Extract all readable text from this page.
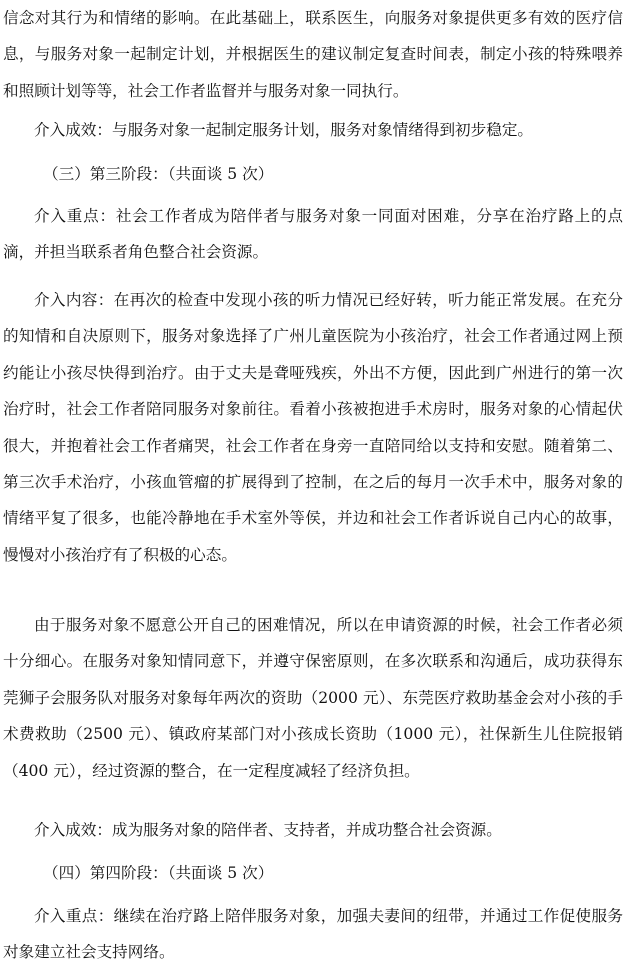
信念对其行为和情绪的影响。在此基础上，联系医生，向服务对象提供更多有效的医疗信息，与服务对象一起制定计划，并根据医生的建议制定复查时间表，制定小孩的特殊喂养和照顾计划等等，社会工作者监督并与服务对象一同执行。

介入成效：与服务对象一起制定服务计划，服务对象情绪得到初步稳定。

（三）第三阶段：（共面谈 5 次）

介入重点：社会工作者成为陪伴者与服务对象一同面对困难，分享在治疗路上的点滴，并担当联系者角色整合社会资源。

介入内容：在再次的检查中发现小孩的听力情况已经好转，听力能正常发展。在充分的知情和自决原则下，服务对象选择了广州儿童医院为小孩治疗，社会工作者通过网上预约能让小孩尽快得到治疗。由于丈夫是聋哑残疾，外出不方便，因此到广州进行的第一次治疗时，社会工作者陪同服务对象前往。看着小孩被抱进手术房时，服务对象的心情起伏很大，并抱着社会工作者痛哭，社会工作者在身旁一直陪同给以支持和安慰。随着第二、第三次手术治疗，小孩血管瘤的扩展得到了控制，在之后的每月一次手术中，服务对象的情绪平复了很多，也能冷静地在手术室外等侯，并边和社会工作者诉说自己内心的故事，慢慢对小孩治疗有了积极的心态。

由于服务对象不愿意公开自己的困难情况，所以在申请资源的时候，社会工作者必须十分细心。在服务对象知情同意下，并遵守保密原则，在多次联系和沟通后，成功获得东莞狮子会服务队对服务对象每年两次的资助（2000 元）、东莞医疗救助基金会对小孩的手术费救助（2500 元）、镇政府某部门对小孩成长资助（1000 元），社保新生儿住院报销（400 元），经过资源的整合，在一定程度减轻了经济负担。

介入成效：成为服务对象的陪伴者、支持者，并成功整合社会资源。

（四）第四阶段：（共面谈 5 次）

介入重点：继续在治疗路上陪伴服务对象，加强夫妻间的纽带，并通过工作促使服务对象建立社会支持网络。
